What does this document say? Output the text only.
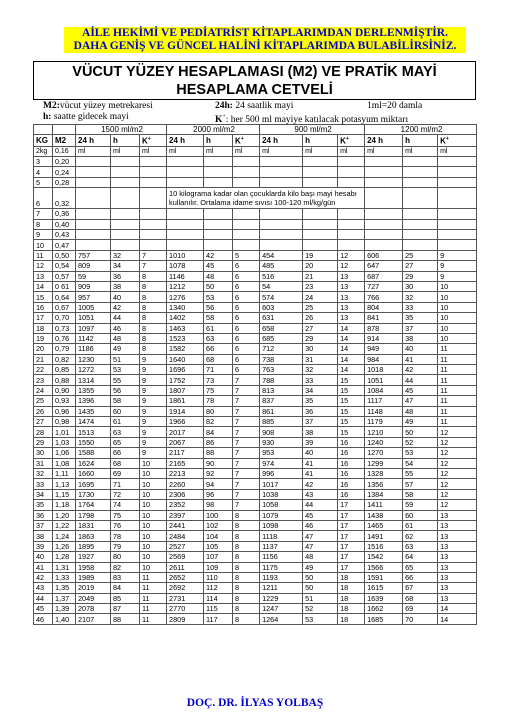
AİLE HEKİMİ VE PEDİATRİST KİTAPLARIMDAN DERLENMİŞTİR.
DAHA GENİŞ VE GÜNCEL HALİNİ KİTAPLARIMDA BULABİLİRSİNİZ.
VÜCUT YÜZEY HESAPLAMASI (M2) VE PRATİK MAYİ
HESAPLAMA CETVELİ
M2:vücut yüzey metrekaresi	24h: 24 saatlik mayi	1ml=20 damla
h: saatte gidecek mayi	K+: her 500 ml mayiye katılacak potasyum miktarı
		1500 ml/m2			2000 ml/m2			900 ml/m2			1200 ml/m2		
KG	M2	24 h	h	K+	24 h	h	K+	24 h	h	K+	24 h	h	K+
2kg	0,16	ml	ml	ml	ml	ml	ml	ml	ml	ml	ml	ml	ml
3	0,20												
4	0,24												
5	0,28												
6	0,32				10 kilograma kadar olan çocuklarda kilo başı mayi hesabı kullanılır. Ortalama idame sıvısı 100-120 ml/kg/gün								
7	0,36												
8	0,40												
9	0,43												
10	0,47												
11	0,50	757	32	7	1010	42	5	454	19	12	606	25	9
12	0,54	809	34	7	1078	45	6	485	20	12	647	27	9
13	0,57	59	36	8	1146	48	6	516	21	13	687	29	9
14	0 61	909	38	8	1212	50	6	54	23	13	727	30	10
15	0,64	957	40	8	1276	53	6	574	24	13	766	32	10
16	0,67	1005	42	8	1340	56	6	603	25	13	804	33	10
17	0,70	1051	44	8	1402	58	6	631	26	13	841	35	10
18	0,73	1097	46	8	1463	61	6	658	27	14	878	37	10
19	0,76	1142	48	8	1523	63	6	685	29	14	914	38	10
20	0,79	1186	49	8	1582	66	6	712	30	14	949	40	11
21	0,82	1230	51	9	1640	68	6	738	31	14	984	41	11
22	0,85	1272	53	9	1696	71	6	763	32	14	1018	42	11
23	0,88	1314	55	9	1752	73	7	788	33	15	1051	44	11
24	0,90	1355	56	9	1807	75	7	813	34	15	1084	45	11
25	0,93	1396	58	9	1861	78	7	837	35	15	1117	47	11
26	0,96	1435	60	9	1914	80	7	861	36	15	1148	48	11
27	0,98	1474	61	9	1966	82	7	885	37	15	1179	49	11
28	1,01	1513	63	9	2017	84	7	908	38	15	1210	50	12
29	1,03	1550	65	9	2067	86	7	930	39	16	1240	52	12
30	1,06	1588	66	9	2117	88	7	953	40	16	1270	53	12
31	1,08	1624	68	10	2165	90	7	974	41	16	1299	54	12
32	1,11	1660	69	10	2213	92	7	996	41	16	1328	55	12
33	1,13	1695	71	10	2260	94	7	1017	42	16	1356	57	12
34	1,15	1730	72	10	2306	96	7	1038	43	16	1384	58	12
35	1,18	1764	74	10	2352	98	7	1058	44	17	1411	59	12
36	1,20	1798	75	10	2397	100	8	1079	45	17	1438	60	13
37	1,22	1831	76	10	2441	102	8	1098	46	17	1465	61	13
38	1,24	1863	78	10	2484	104	8	1118	47	17	1491	62	13
39	1,26	1895	79	10	2527	105	8	1137	47	17	1516	63	13
40	1,28	1927	80	10	2569	107	8	1156	48	17	1542	64	13
41	1,31	1958	82	10	2611	109	8	1175	49	17	1566	65	13
42	1,33	1989	83	11	2652	110	8	1193	50	18	1591	66	13
43	1,35	2019	84	11	2692	112	8	1211	50	18	1615	67	13
44	1,37	2049	85	11	2731	114	8	1229	51	18	1639	68	13
45	1,39	2078	87	11	2770	115	8	1247	52	18	1662	69	14
46	1,40	2107	88	11	2809	117	8	1264	53	18	1685	70	14
DOÇ. DR. İLYAS YOLBAŞ
